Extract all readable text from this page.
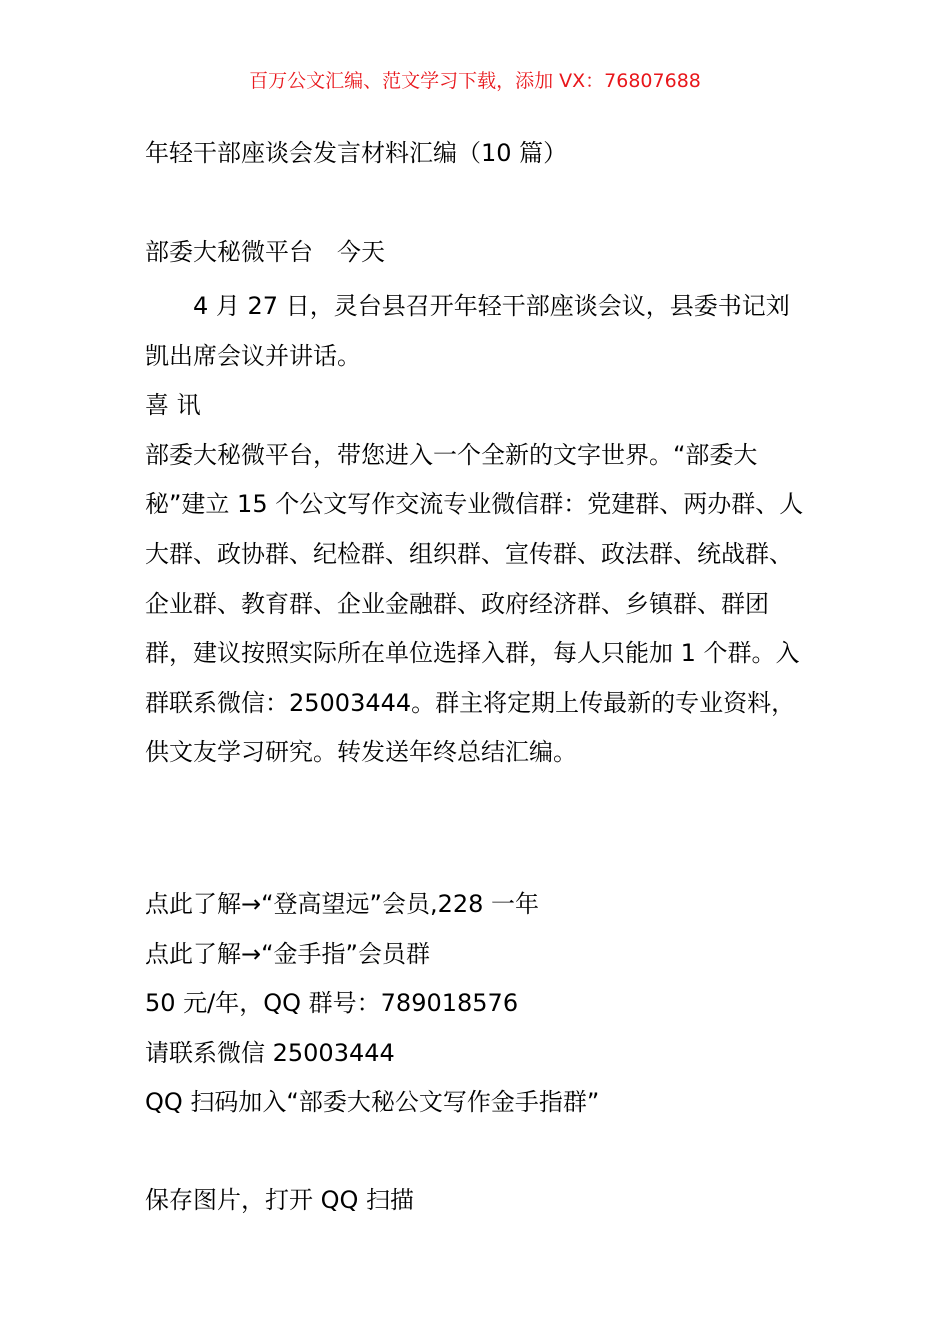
百万公文汇编、范文学习下载，添加 VX：76807688
年轻干部座谈会发言材料汇编（10 篇）
部委大秘微平台 今天

4 月 27 日，灵台县召开年轻干部座谈会议，县委书记刘凯出席会议并讲话。

喜 讯

部委大秘微平台，带您进入一个全新的文字世界。“部委大秘”建立 15 个公文写作交流专业微信群：党建群、两办群、人大群、政协群、纪检群、组织群、宣传群、政法群、统战群、企业群、教育群、企业金融群、政府经济群、乡镇群、群团群，建议按照实际所在单位选择入群，每人只能加 1 个群。入群联系微信：25003444。群主将定期上传最新的专业资料，供文友学习研究。转发送年终总结汇编。

点此了解→“登高望远”会员,228 一年

点此了解→“金手指”会员群

50 元/年，QQ 群号：789018576

请联系微信 25003444

QQ 扫码加入“部委大秘公文写作金手指群”

保存图片，打开 QQ 扫描
